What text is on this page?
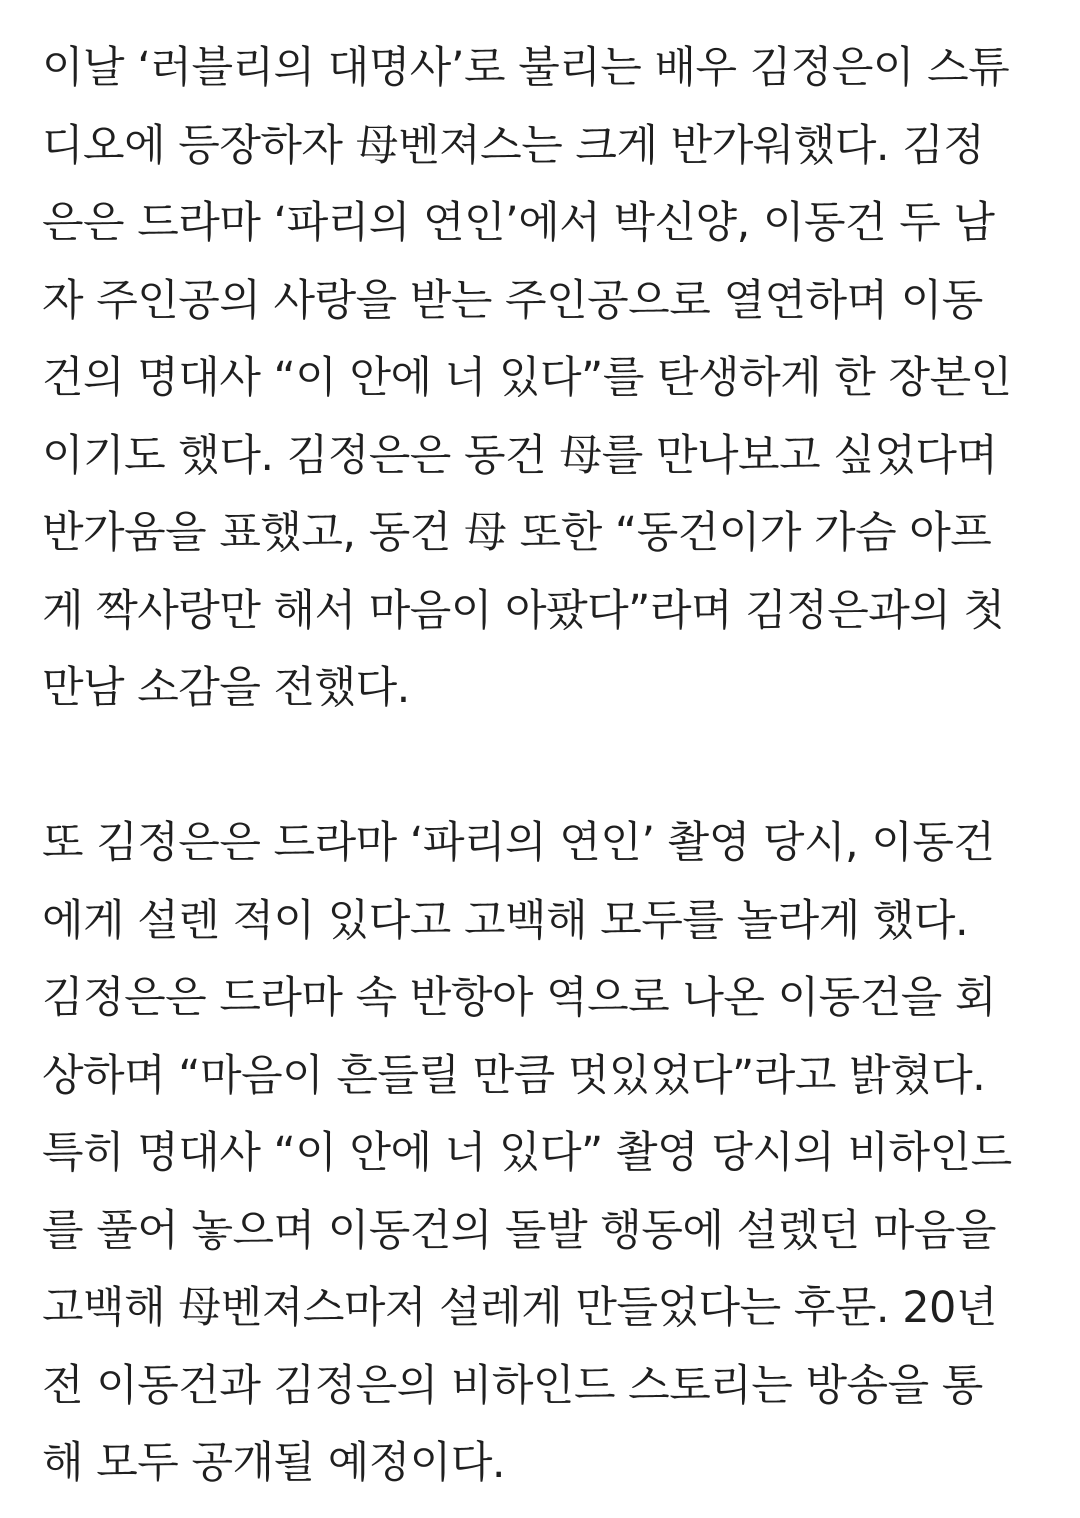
이날 ‘러블리의 대명사’로 불리는 배우 김정은이 스튜
디오에 등장하자 母벤져스는 크게 반가워했다. 김정
은은 드라마 ‘파리의 연인’에서 박신양, 이동건 두 남
자 주인공의 사랑을 받는 주인공으로 열연하며 이동
건의 명대사 “이 안에 너 있다”를 탄생하게 한 장본인
이기도 했다. 김정은은 동건 母를 만나보고 싶었다며
반가움을 표했고, 동건 母 또한 “동건이가 가슴 아프
게 짝사랑만 해서 마음이 아팠다”라며 김정은과의 첫
만남 소감을 전했다.

또 김정은은 드라마 ‘파리의 연인’ 촬영 당시, 이동건
에게 설렌 적이 있다고 고백해 모두를 놀라게 했다.
김정은은 드라마 속 반항아 역으로 나온 이동건을 회
상하며 “마음이 흔들릴 만큼 멋있었다”라고 밝혔다.
특히 명대사 “이 안에 너 있다” 촬영 당시의 비하인드
를 풀어 놓으며 이동건의 돌발 행동에 설렜던 마음을
고백해 母벤져스마저 설레게 만들었다는 후문. 20년
전 이동건과 김정은의 비하인드 스토리는 방송을 통
해 모두 공개될 예정이다.
